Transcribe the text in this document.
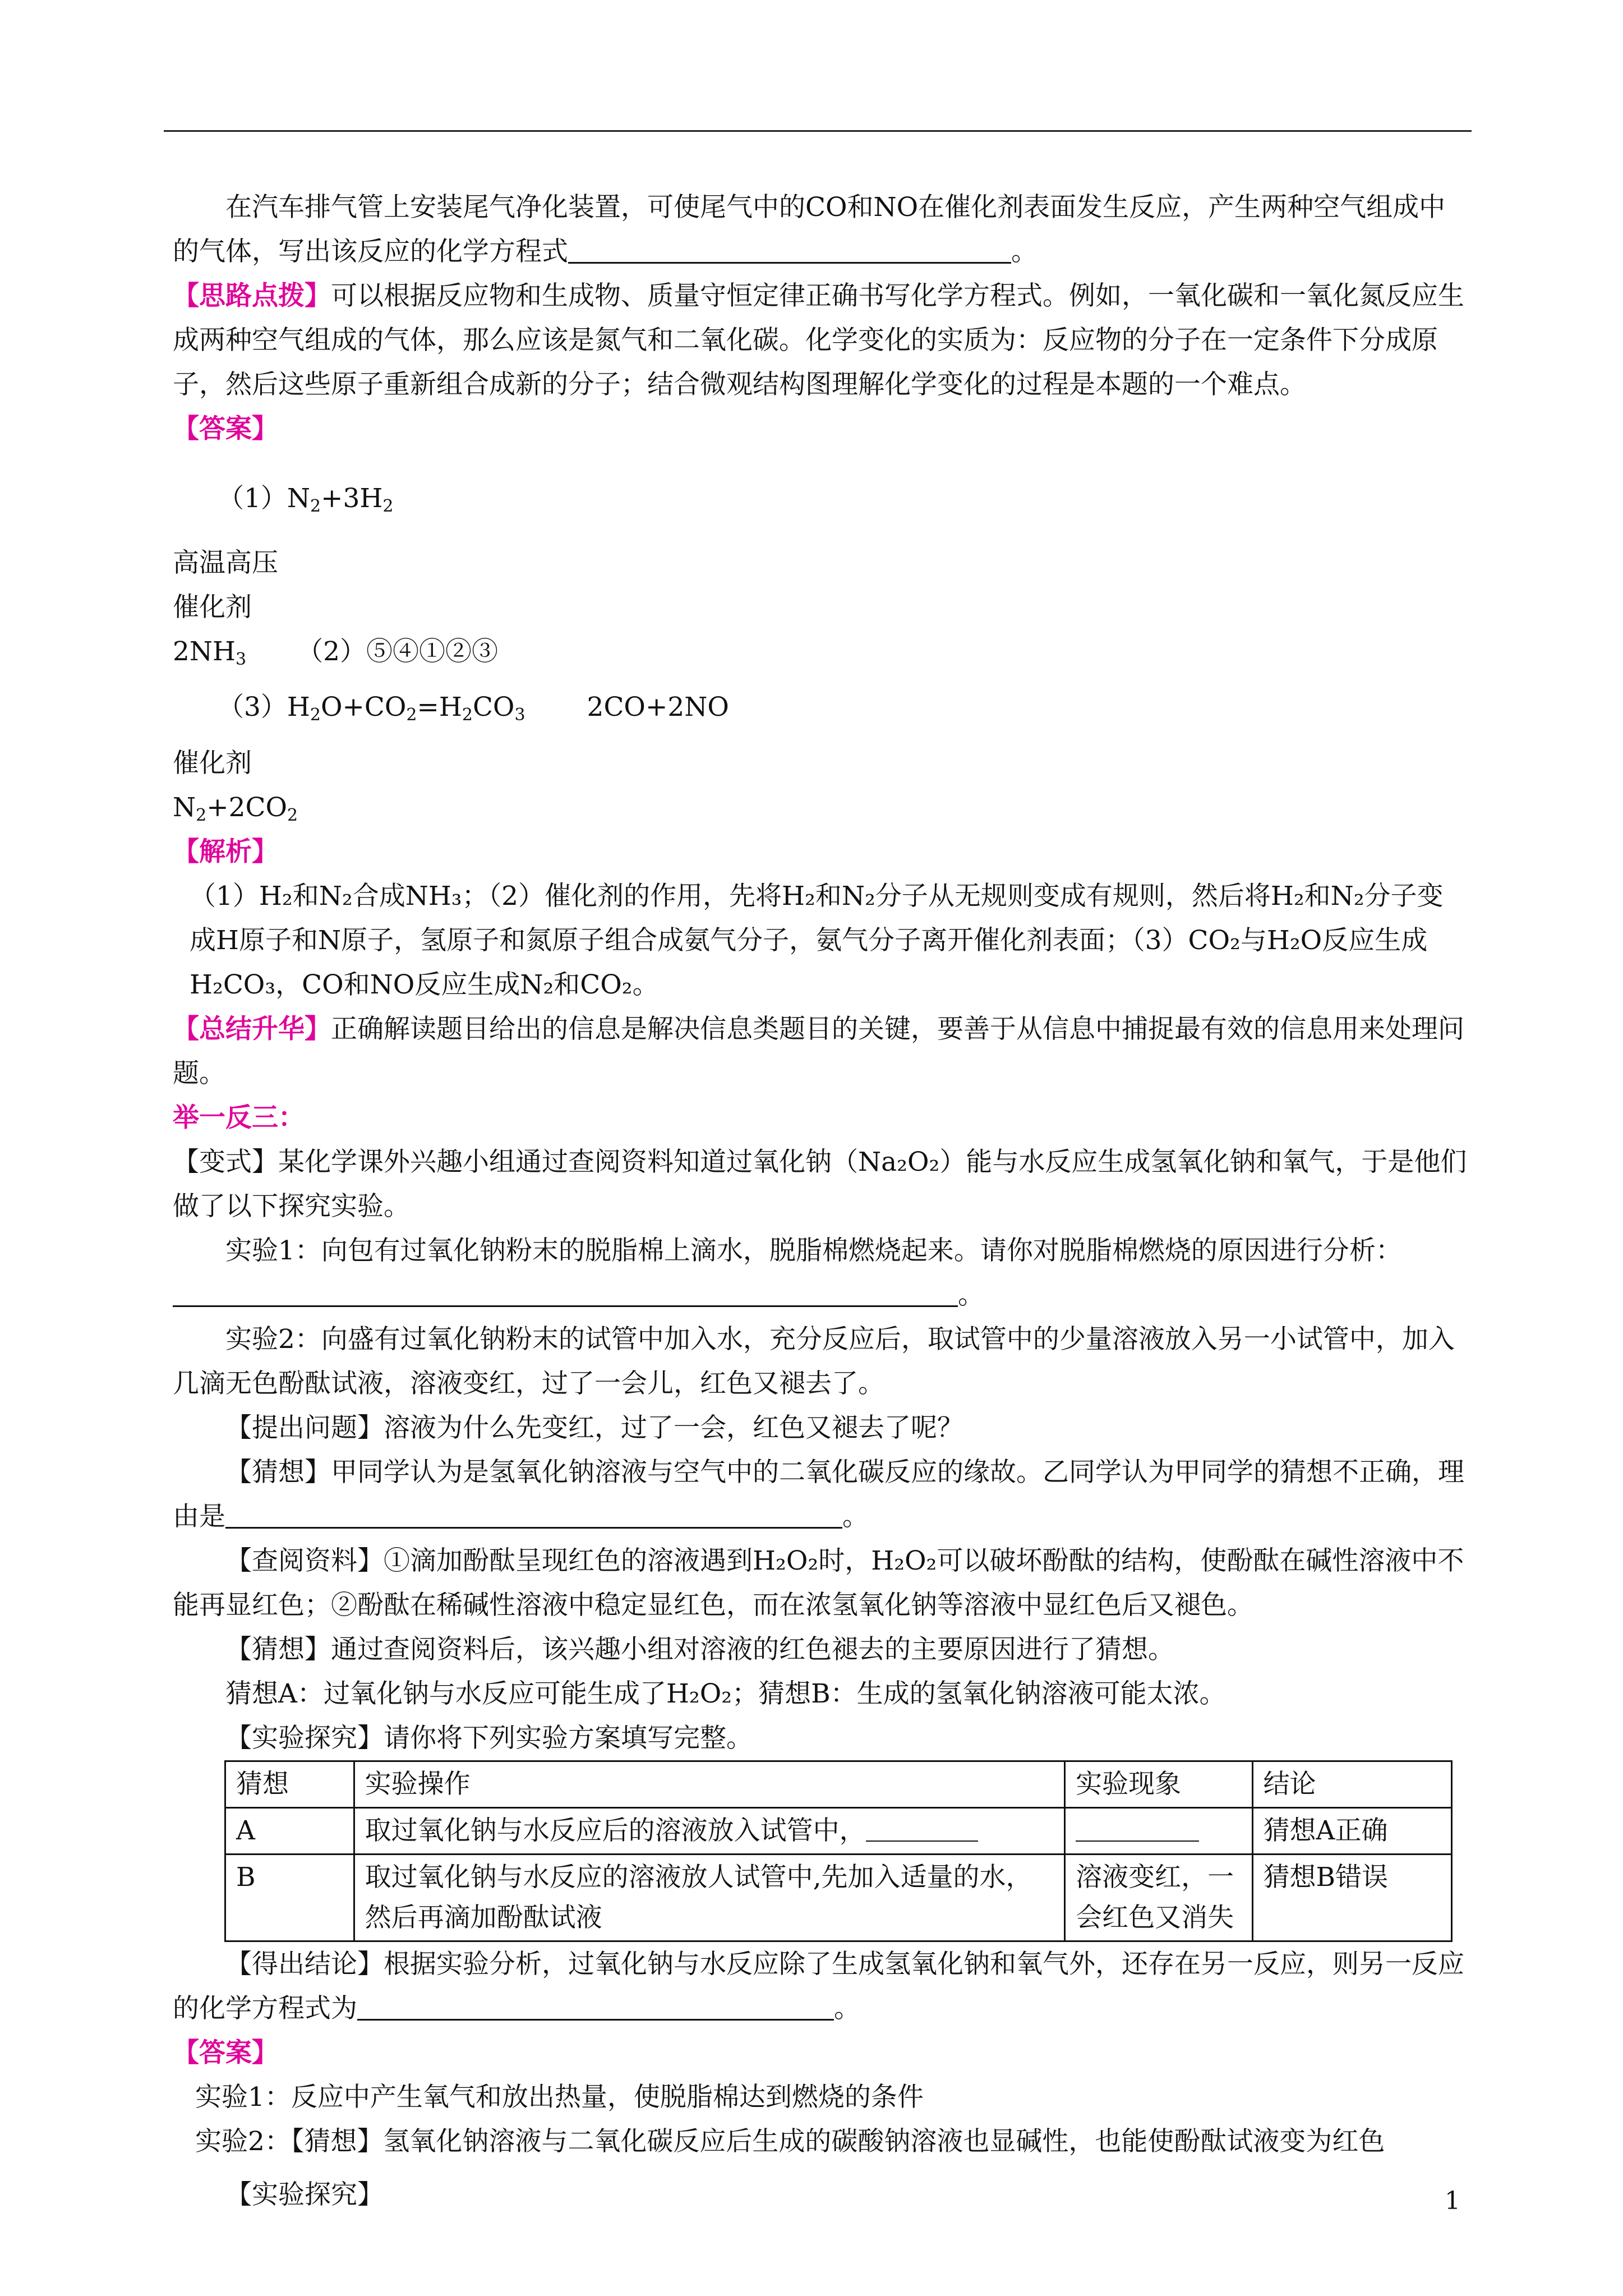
在汽车排气管上安装尾气净化装置，可使尾气中的CO和NO在催化剂表面发生反应，产生两种空气组成中的气体，写出该反应的化学方程式	。

【思路点拨】可以根据反应物和生成物、质量守恒定律正确书写化学方程式。例如，一氧化碳和一氧化氮反应生成两种空气组成的气体，那么应该是氮气和二氧化碳。化学变化的实质为：反应物的分子在一定条件下分成原子，然后这些原子重新组合成新的分子；结合微观结构图理解化学变化的过程是本题的一个难点。

【答案】

$(1)N_2+3H_2$

高温高压
催化剂
$2NH_3$ （2）⑤④①②③

$(3)H_2O+CO_2=H_2CO_3$ 2CO+2NO

催化剂
$N_2+2CO_2$

【解析】

（1）H₂和N₂合成NH₃；（2）催化剂的作用，先将H₂和N₂分子从无规则变成有规则，然后将H₂和N₂分子变成H原子和N原子，氢原子和氮原子组合成氨气分子，氨气分子离开催化剂表面；（3）CO₂与H₂O反应生成H₂CO₃，CO和NO反应生成N₂和CO₂。

【总结升华】正确解读题目给出的信息是解决信息类题目的关键，要善于从信息中捕捉最有效的信息用来处理问题。

举一反三：

【变式】某化学课外兴趣小组通过查阅资料知道过氧化钠（Na₂O₂）能与水反应生成氢氧化钠和氧气，于是他们做了以下探究实验。

实验1：向包有过氧化钠粉末的脱脂棉上滴水，脱脂棉燃烧起来。请你对脱脂棉燃烧的原因进行分析：。

实验2：向盛有过氧化钠粉末的试管中加入水，充分反应后，取试管中的少量溶液放入另一小试管中，加入几滴无色酚酞试液，溶液变红，过了一会儿，红色又褪去了。

【提出问题】溶液为什么先变红，过了一会，红色又褪去了呢？

【猜想】甲同学认为是氢氧化钠溶液与空气中的二氧化碳反应的缘故。乙同学认为甲同学的猜想不正确，理由是	。

【查阅资料】①滴加酚酞呈现红色的溶液遇到H₂O₂时，H₂O₂可以破坏酚酞的结构，使酚酞在碱性溶液中不能再显红色；②酚酞在稀碱性溶液中稳定显红色，而在浓氢氧化钠等溶液中显红色后又褪色。

【猜想】通过查阅资料后，该兴趣小组对溶液的红色褪去的主要原因进行了猜想。

猜想A：过氧化钠与水反应可能生成了H₂O₂；猜想B：生成的氢氧化钠溶液可能太浓。

【实验探究】请你将下列实验方案填写完整。

猜想	实验操作	实验现象	结论
A	取过氧化钠与水反应后的溶液放入试管中，		猜想A正确
B	取过氧化钠与水反应的溶液放人试管中,先加入适量的水，然后再滴加酚酞试液	溶液变红，一会红色又消失	猜想B错误

【得出结论】根据实验分析，过氧化钠与水反应除了生成氢氧化钠和氧气外，还存在另一反应，则另一反应的化学方程式为	。

【答案】

实验1：反应中产生氧气和放出热量，使脱脂棉达到燃烧的条件

实验2：【猜想】氢氧化钠溶液与二氧化碳反应后生成的碳酸钠溶液也显碱性，也能使酚酞试液变为红色

【实验探究】	1
